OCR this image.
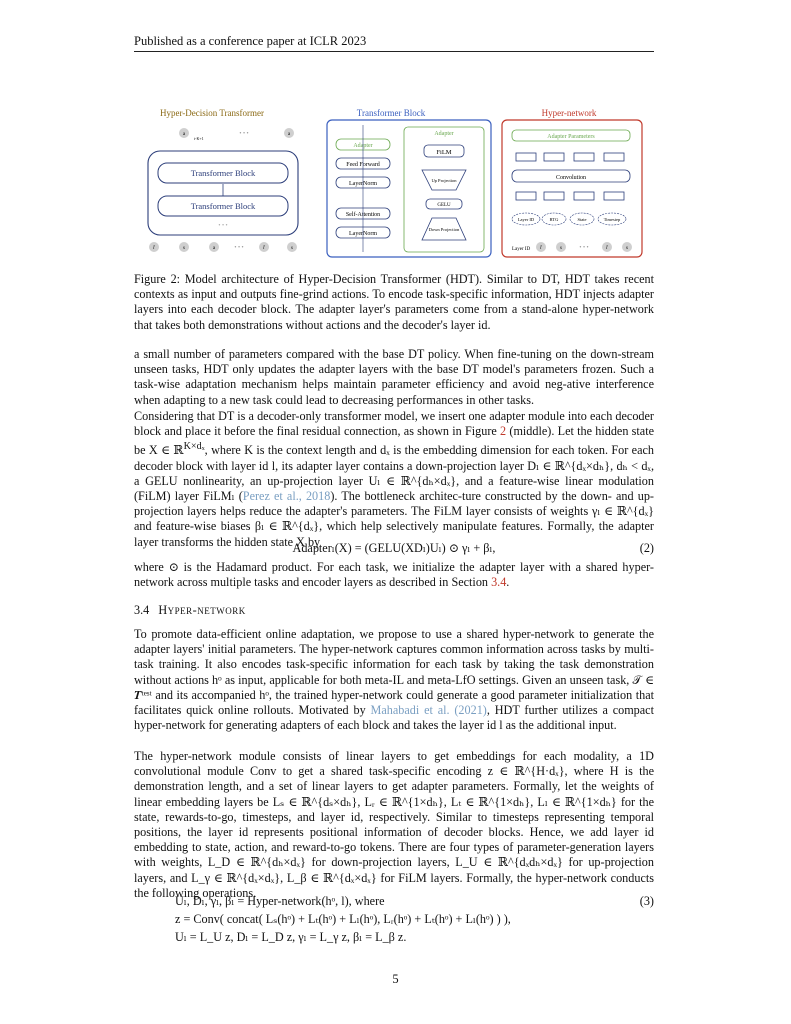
Published as a conference paper at ICLR 2023
Hyper-Decision Transformer
a
t-K+1
• • •	a
Transformer Block
Transformer Block
• • •
r̂	s	a	r̂	s
• • •
Transformer Block
Adapter
Feed Forward
LayerNorm
Self-Attention
LayerNorm
Adapter
FiLM
Up Projection
GELU
Down Projection
Hyper-network
Adapter Parameters
Convolution
Layer ID	RTG	State	Timestep
Layer ID r̂	s	• • •	r̂	s
Figure 2: Model architecture of Hyper-Decision Transformer (HDT). Similar to DT, HDT takes recent contexts as input and outputs fine-grind actions. To encode task-specific information, HDT injects adapter layers into each decoder block. The adapter layer's parameters come from a stand-alone hyper-network that takes both demonstrations without actions and the decoder's layer id.
a small number of parameters compared with the base DT policy. When fine-tuning on the down-stream unseen tasks, HDT only updates the adapter layers with the base DT model's parameters frozen. Such a task-wise adaptation mechanism helps maintain parameter efficiency and avoid neg-ative interference when adapting to a new task could lead to decreasing performances in other tasks.
Considering that DT is a decoder-only transformer model, we insert one adapter module into each decoder block and place it before the final residual connection, as shown in Figure 2 (middle). Let the hidden state be X ∈ ℝ$^{K\times d_x}$, where K is the context length and dₓ is the embedding dimension for each token. For each decoder block with layer id l, its adapter layer contains a down-projection layer Dₗ ∈ ℝ^{dₓ×dₕ}, dₕ < dₓ, a GELU nonlinearity, an up-projection layer Uₗ ∈ ℝ^{dₕ×dₓ}, and a feature-wise linear modulation (FiLM) layer FiLMₗ (Perez et al., 2018). The bottleneck architec-ture constructed by the down- and up-projection layers helps reduce the adapter's parameters. The FiLM layer consists of weights γₗ ∈ ℝ^{dₓ} and feature-wise biases βₗ ∈ ℝ^{dₓ}, which help selectively manipulate features. Formally, the adapter layer transforms the hidden state X by
Adapterₗ(X) = (GELU(XDₗ)Uₗ) ⊙ γₗ + βₗ,	(2)
where ⊙ is the Hadamard product. For each task, we initialize the adapter layer with a shared hyper-network across multiple tasks and encoder layers as described in Section 3.4.
3.4 Hyper-network
To promote data-efficient online adaptation, we propose to use a shared hyper-network to generate the adapter layers' initial parameters. The hyper-network captures common information across tasks by multi-task training. It also encodes task-specific information for each task by taking the task demonstration without actions hᵒ as input, applicable for both meta-IL and meta-LfO settings. Given an unseen task, 𝒯 ∈ 𝑻ᵗᵉˢᵗ and its accompanied hᵒ, the trained hyper-network could generate a good parameter initialization that facilitates quick online rollouts. Motivated by Mahabadi et al. (2021), HDT further utilizes a compact hyper-network for generating adapters of each block and takes the layer id l as the additional input.
The hyper-network module consists of linear layers to get embeddings for each modality, a 1D convolutional module Conv to get a shared task-specific encoding z ∈ ℝ^{H·dₓ}, where H is the demonstration length, and a set of linear layers to get adapter parameters. Formally, let the weights of linear embedding layers be Lₛ ∈ ℝ^{dₛ×dₕ}, Lᵣ ∈ ℝ^{1×dₕ}, Lₜ ∈ ℝ^{1×dₕ}, Lₗ ∈ ℝ^{1×dₕ} for the state, rewards-to-go, timesteps, and layer id, respectively. Similar to timesteps representing temporal positions, the layer id represents positional information of decoder blocks. Hence, we add layer id embedding to state, action, and reward-to-go tokens. There are four types of parameter-generation layers with weights, L_D ∈ ℝ^{dₕ×dₓ} for down-projection layers, L_U ∈ ℝ^{dₓdₕ×dₓ} for up-projection layers, and L_γ ∈ ℝ^{dₓ×dₓ}, L_β ∈ ℝ^{dₓ×dₓ} for FiLM layers. Formally, the hyper-network conducts the following operations.
Uₗ, Dₗ, γₗ, βₗ = Hyper-network(hᵒ, l), where	(3)
z = Conv( concat( Lₛ(hᵒ) + Lₜ(hᵒ) + Lₗ(hᵒ), Lᵣ(hᵒ) + Lₜ(hᵒ) + Lₗ(hᵒ) ) ),
Uₗ = L_U z, Dₗ = L_D z, γₗ = L_γ z, βₗ = L_β z.
5
